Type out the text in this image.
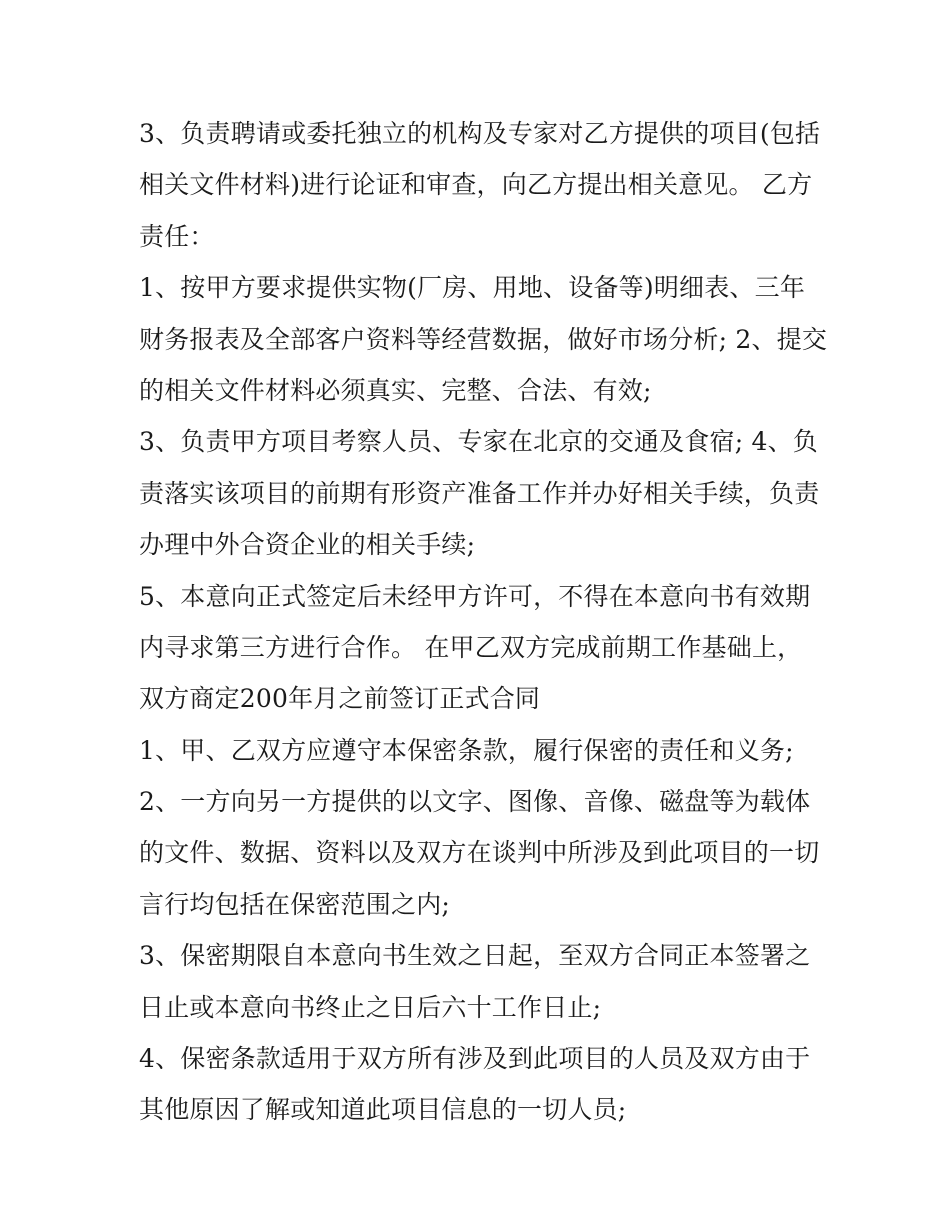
3、负责聘请或委托独立的机构及专家对乙方提供的项目(包括
相关文件材料)进行论证和审查，向乙方提出相关意见。 乙方
责任：
1、按甲方要求提供实物(厂房、用地、设备等)明细表、三年
财务报表及全部客户资料等经营数据，做好市场分析; 2、提交
的相关文件材料必须真实、完整、合法、有效;
3、负责甲方项目考察人员、专家在北京的交通及食宿; 4、负
责落实该项目的前期有形资产准备工作并办好相关手续，负责
办理中外合资企业的相关手续;
5、本意向正式签定后未经甲方许可，不得在本意向书有效期
内寻求第三方进行合作。 在甲乙双方完成前期工作基础上，
双方商定200年月之前签订正式合同
1、甲、乙双方应遵守本保密条款，履行保密的责任和义务;
2、一方向另一方提供的以文字、图像、音像、磁盘等为载体
的文件、数据、资料以及双方在谈判中所涉及到此项目的一切
言行均包括在保密范围之内;
3、保密期限自本意向书生效之日起，至双方合同正本签署之
日止或本意向书终止之日后六十工作日止;
4、保密条款适用于双方所有涉及到此项目的人员及双方由于
其他原因了解或知道此项目信息的一切人员;
